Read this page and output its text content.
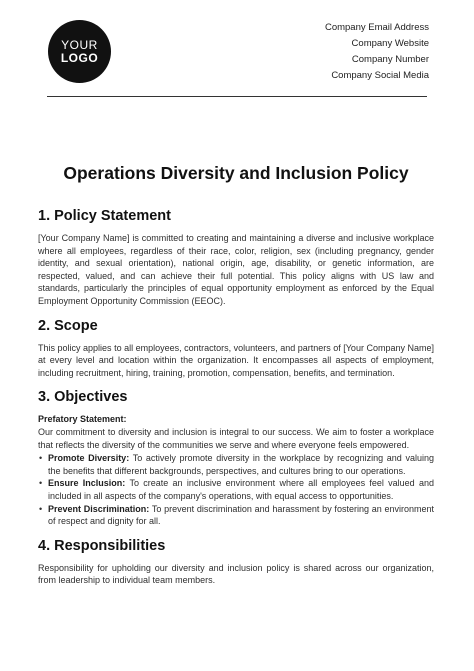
YOUR
LOGO
Company Email Address
Company Website
Company Number
Company Social Media
Operations Diversity and Inclusion Policy
1. Policy Statement

[Your Company Name] is committed to creating and maintaining a diverse and inclusive workplace where all employees, regardless of their race, color, religion, sex (including pregnancy, gender identity, and sexual orientation), national origin, age, disability, or genetic information, are respected, valued, and can achieve their full potential. This policy aligns with US law and standards, particularly the principles of equal opportunity employment as enforced by the Equal Employment Opportunity Commission (EEOC).

2. Scope

This policy applies to all employees, contractors, volunteers, and partners of [Your Company Name] at every level and location within the organization. It encompasses all aspects of employment, including recruitment, hiring, training, promotion, compensation, benefits, and termination.

3. Objectives

Prefatory Statement:

Our commitment to diversity and inclusion is integral to our success. We aim to foster a workplace that reflects the diversity of the communities we serve and where everyone feels empowered.

• Promote Diversity: To actively promote diversity in the workplace by recognizing and valuing the benefits that different backgrounds, perspectives, and cultures bring to our operations.
• Ensure Inclusion: To create an inclusive environment where all employees feel valued and included in all aspects of the company's operations, with equal access to opportunities.
• Prevent Discrimination: To prevent discrimination and harassment by fostering an environment of respect and dignity for all.
4. Responsibilities

Responsibility for upholding our diversity and inclusion policy is shared across our organization, from leadership to individual team members.
